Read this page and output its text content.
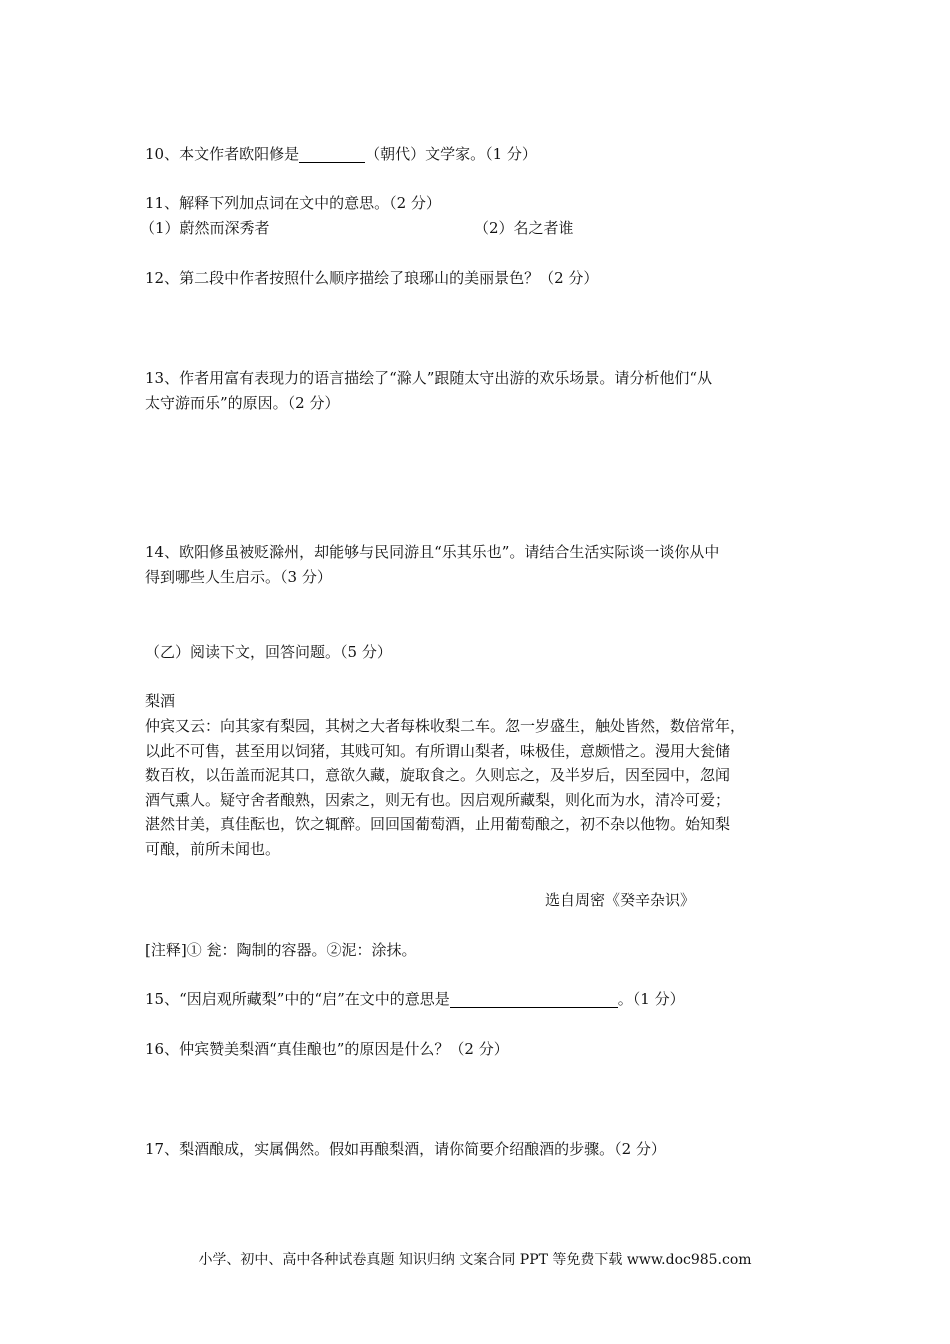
10、本文作者欧阳修是	（朝代）文学家。（1 分）
11、解释下列加点词在文中的意思。（2 分）
（1）蔚然而深秀者	（2）名之者谁
12、第二段中作者按照什么顺序描绘了琅琊山的美丽景色？（2 分）
13、作者用富有表现力的语言描绘了“滁人”跟随太守出游的欢乐场景。请分析他们“从
太守游而乐”的原因。（2 分）
14、欧阳修虽被贬滁州，却能够与民同游且“乐其乐也”。请结合生活实际谈一谈你从中
得到哪些人生启示。（3 分）
（乙）阅读下文，回答问题。（5 分）
梨酒
仲宾又云：向其家有梨园，其树之大者每株收梨二车。忽一岁盛生，触处皆然，数倍常年，
以此不可售，甚至用以饲猪，其贱可知。有所谓山梨者，味极佳，意颇惜之。漫用大瓮储
数百枚，以缶盖而泥其口，意欲久藏，旋取食之。久则忘之，及半岁后，因至园中，忽闻
酒气熏人。疑守舍者酿熟，因索之，则无有也。因启观所藏梨，则化而为水，清冷可爱；
湛然甘美，真佳酝也，饮之辄醉。回回国葡萄酒，止用葡萄酿之，初不杂以他物。始知梨
可酿，前所未闻也。
选自周密《癸辛杂识》
[注释]① 瓮：陶制的容器。②泥：涂抹。
15、“因启观所藏梨”中的“启”在文中的意思是	。（1 分）
16、仲宾赞美梨酒“真佳酿也”的原因是什么？（2 分）
17、梨酒酿成，实属偶然。假如再酿梨酒，请你简要介绍酿酒的步骤。（2 分）
小学、初中、高中各种试卷真题 知识归纳 文案合同 PPT 等免费下载 www.doc985.com
